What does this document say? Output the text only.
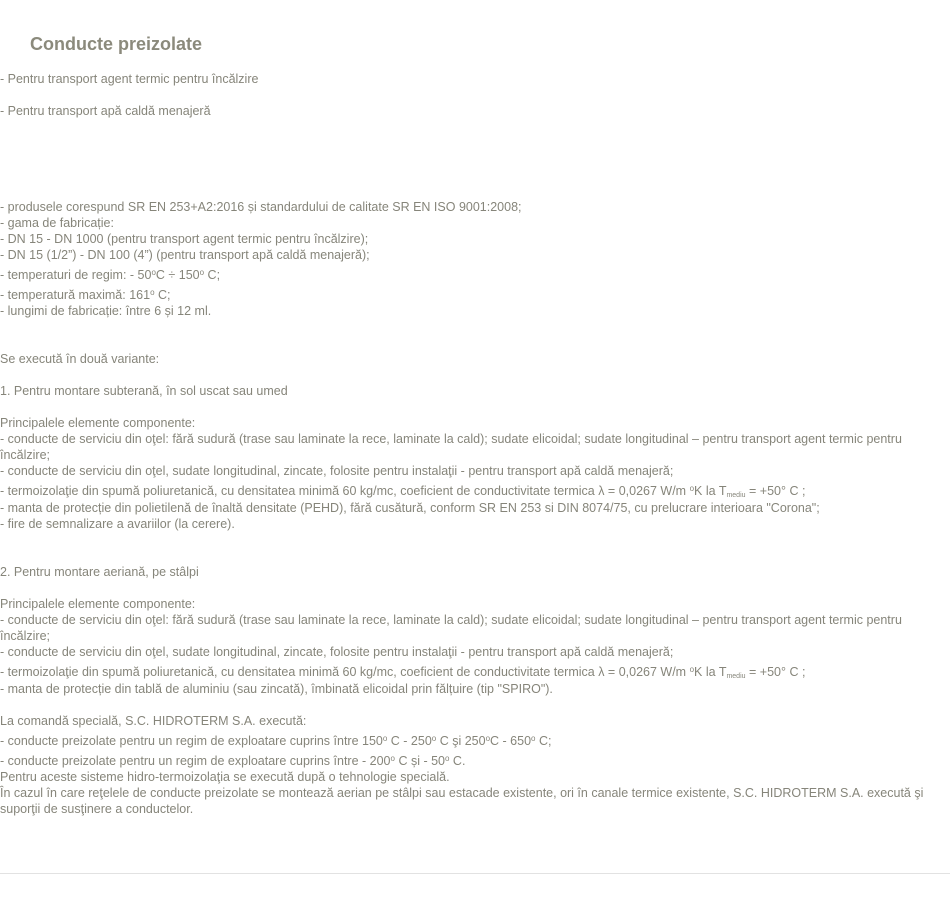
Conducte preizolate
- Pentru transport agent termic pentru încălzire
- Pentru transport apă caldă menajeră
- produsele corespund SR EN 253+A2:2016 și standardului de calitate SR EN ISO 9001:2008;
- gama de fabricație:
- DN 15 - DN 1000 (pentru transport agent termic pentru încălzire);
- DN 15 (1/2”) - DN 100 (4”) (pentru transport apă caldă menajeră);
- temperaturi de regim: - $50^oC \div 150^o$ C;
- temperatură maximă: 161$^o$ C;
- lungimi de fabricație: între 6 și 12 ml.
Se execută în două variante:
1. Pentru montare subterană, în sol uscat sau umed
Principalele elemente componente:
- conducte de serviciu din oţel: fără sudură (trase sau laminate la rece, laminate la cald); sudate elicoidal; sudate longitudinal – pentru transport agent termic pentru încălzire;
- conducte de serviciu din oţel, sudate longitudinal, zincate, folosite pentru instalaţii - pentru transport apă caldă menajeră;
- termoizolaţie din spumă poliuretanică, cu densitatea minimă 60 kg/mc, coeficient de conductivitate termica λ = 0,0267 W/m $^o$K la $T_{mediu} = +50^\circ$ C ;
- manta de protecție din polietilenă de înaltă densitate (PEHD), fără cusătură, conform SR EN 253 si DIN 8074/75, cu prelucrare interioara "Corona";
- fire de semnalizare a avariilor (la cerere).
2. Pentru montare aeriană, pe stâlpi
Principalele elemente componente:
- conducte de serviciu din oţel: fără sudură (trase sau laminate la rece, laminate la cald); sudate elicoidal; sudate longitudinal – pentru transport agent termic pentru încălzire;
- conducte de serviciu din oţel, sudate longitudinal, zincate, folosite pentru instalaţii - pentru transport apă caldă menajeră;
- termoizolaţie din spumă poliuretanică, cu densitatea minimă 60 kg/mc, coeficient de conductivitate termica λ = 0,0267 W/m $^o$K la $T_{mediu} = +50^\circ$ C ;
- manta de protecție din tablă de aluminiu (sau zincată), îmbinată elicoidal prin fălțuire (tip "SPIRO").
La comandă specială, S.C. HIDROTERM S.A. execută:
- conducte preizolate pentru un regim de exploatare cuprins între 150$^o$ C - 250$^o$ C şi 250$^o$C - 650$^o$ C;
- conducte preizolate pentru un regim de exploatare cuprins între - 200$^o$ C și - 50$^o$ C.
Pentru aceste sisteme hidro-termoizolaţia se execută după o tehnologie specială.
În cazul în care reţelele de conducte preizolate se montează aerian pe stâlpi sau estacade existente, ori în canale termice existente, S.C. HIDROTERM S.A. execută şi suporţii de susţinere a conductelor.
